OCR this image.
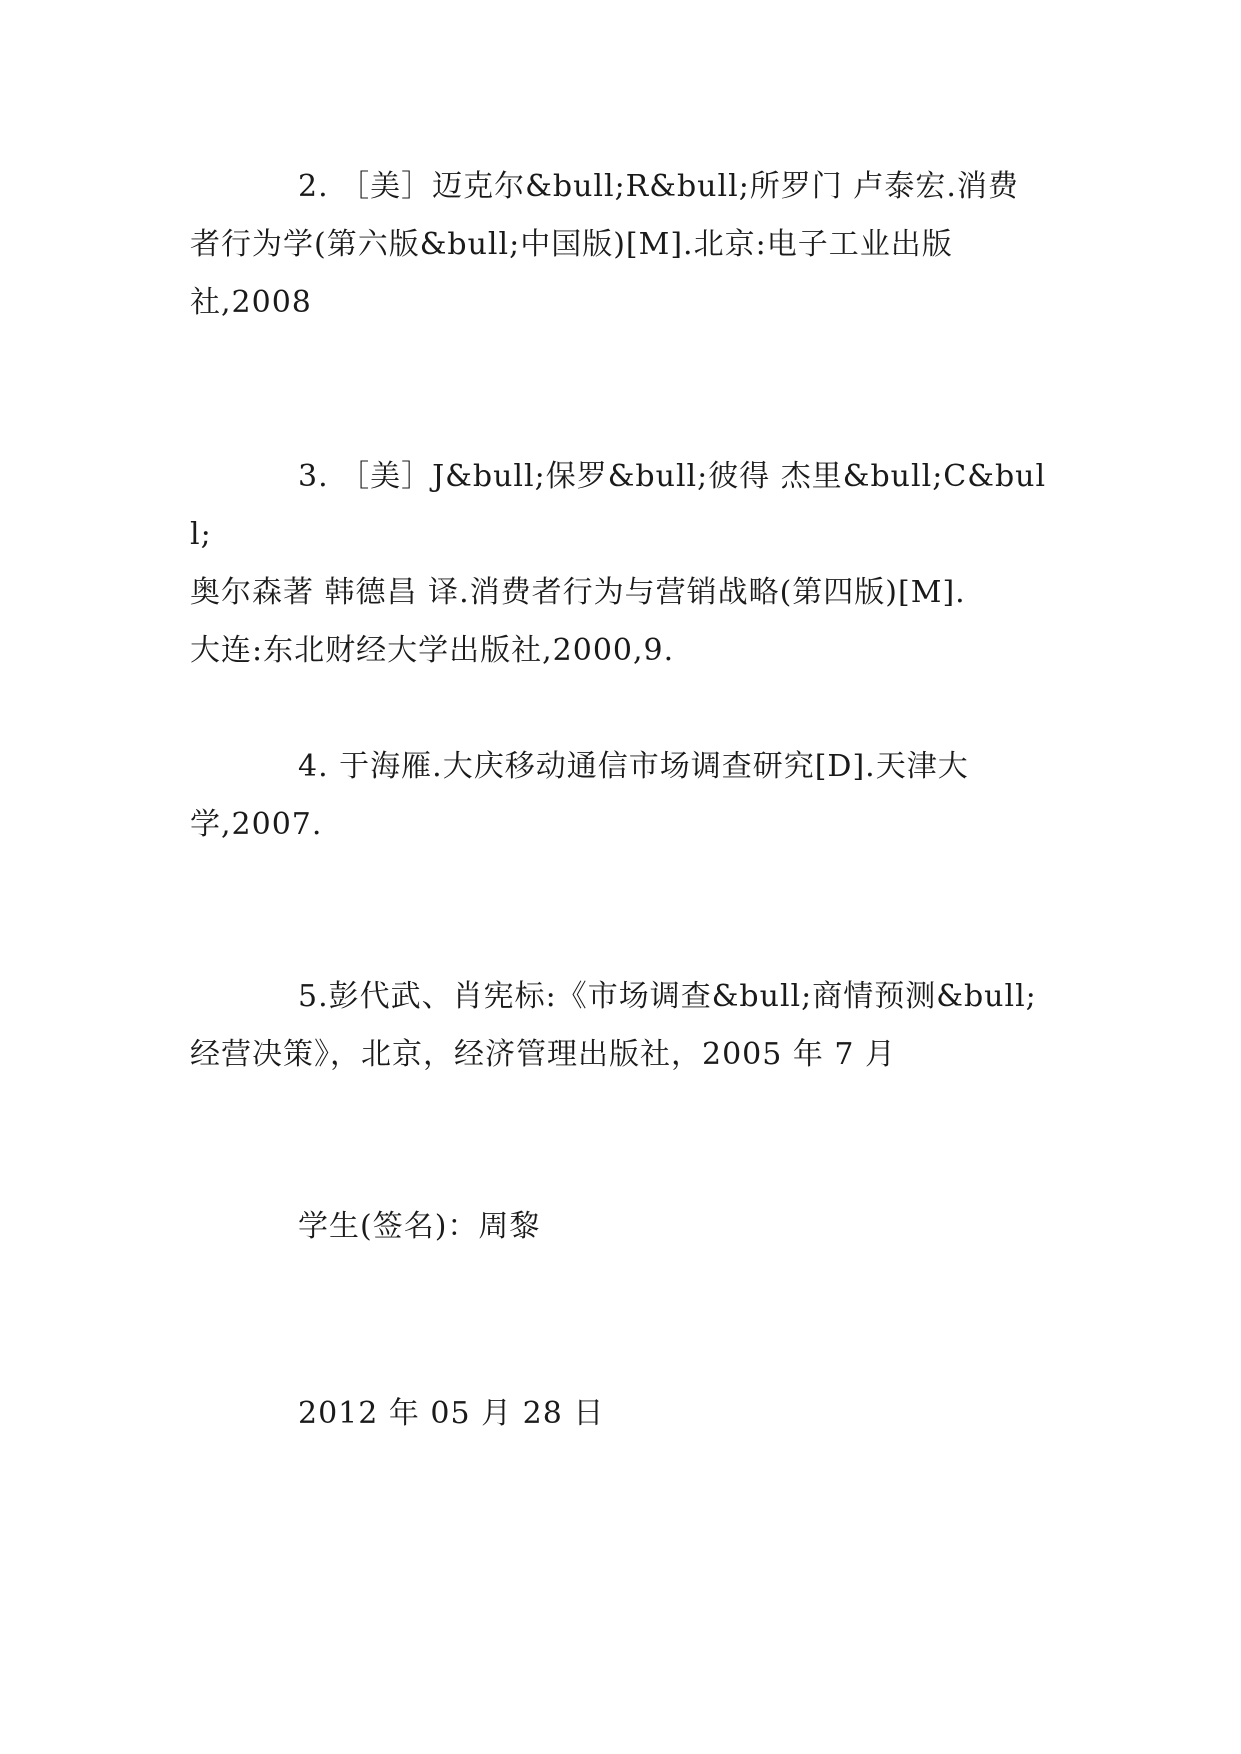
2. ［美］迈克尔&bull;R&bull;所罗门 卢泰宏.消费
者行为学(第六版&bull;中国版)[M].北京:电子工业出版
社,2008
3. ［美］J&bull;保罗&bull;彼得 杰里&bull;C&bull;
奥尔森著 韩德昌 译.消费者行为与营销战略(第四版)[M].
大连:东北财经大学出版社,2000,9.
4. 于海雁.大庆移动通信市场调查研究[D].天津大
学,2007.
5.彭代武、肖宪标:《市场调查&bull;商情预测&bull;
经营决策》，北京，经济管理出版社，2005 年 7 月
学生(签名)：周黎
2012 年 05 月 28 日
